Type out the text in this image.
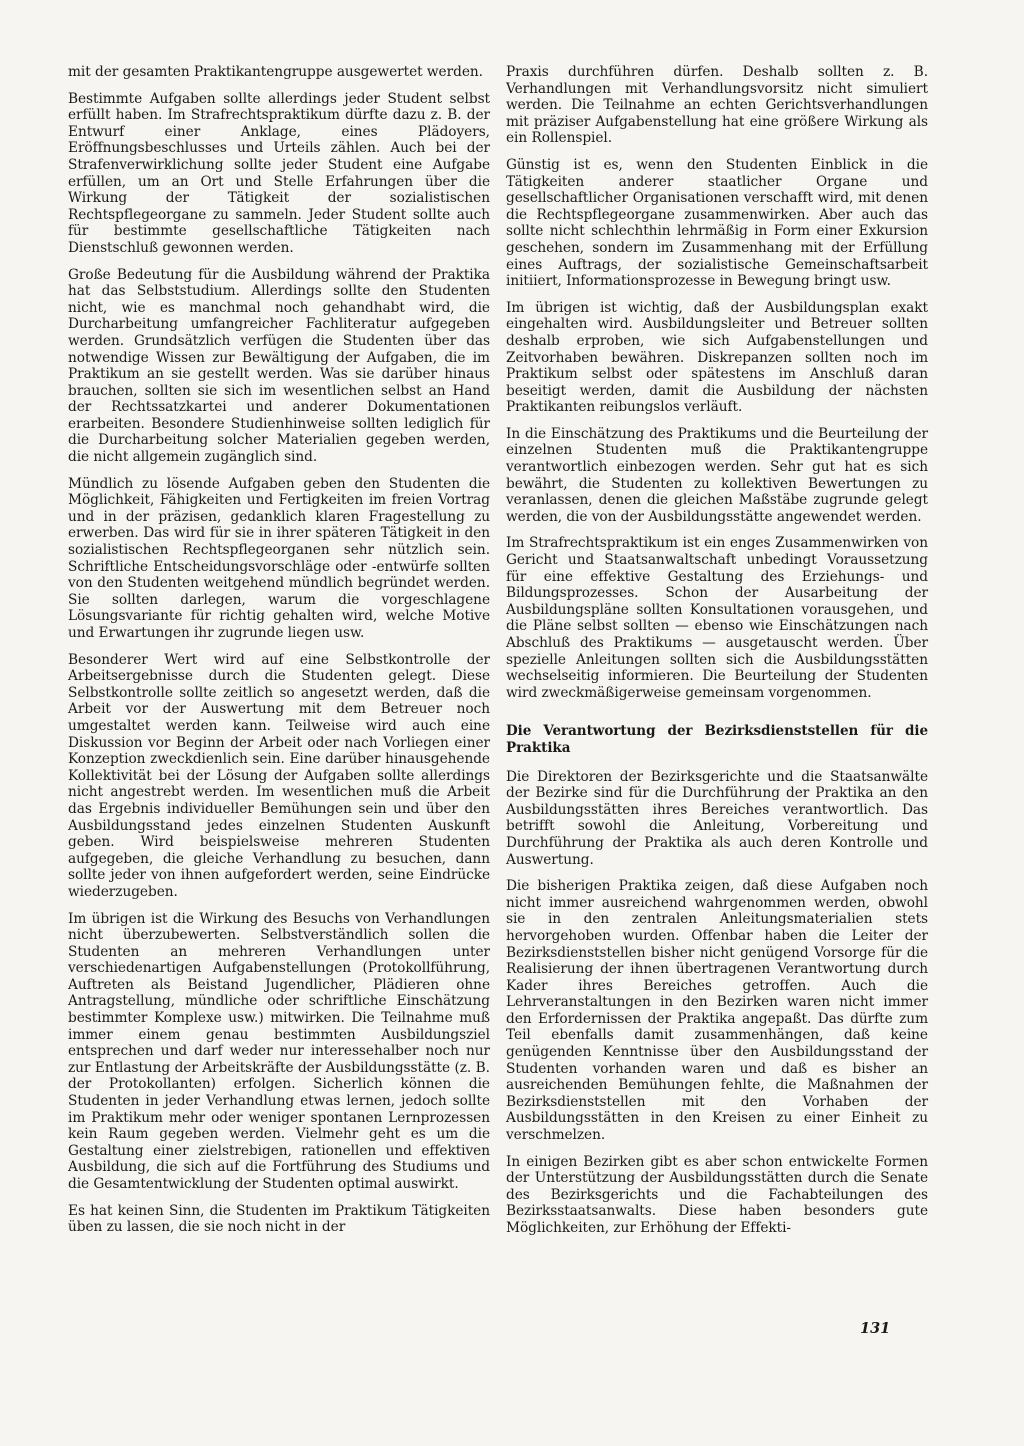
mit der gesamten Praktikantengruppe ausgewertet werden.

Bestimmte Aufgaben sollte allerdings jeder Student selbst erfüllt haben. Im Strafrechtspraktikum dürfte dazu z. B. der Entwurf einer Anklage, eines Plädoyers, Eröffnungsbeschlusses und Urteils zählen. Auch bei der Strafenverwirklichung sollte jeder Student eine Aufgabe erfüllen, um an Ort und Stelle Erfahrungen über die Wirkung der Tätigkeit der sozialistischen Rechtspflegeorgane zu sammeln. Jeder Student sollte auch für bestimmte gesellschaftliche Tätigkeiten nach Dienstschluß gewonnen werden.

Große Bedeutung für die Ausbildung während der Praktika hat das Selbststudium. Allerdings sollte den Studenten nicht, wie es manchmal noch gehandhabt wird, die Durcharbeitung umfangreicher Fachliteratur aufgegeben werden. Grundsätzlich verfügen die Studenten über das notwendige Wissen zur Bewältigung der Aufgaben, die im Praktikum an sie gestellt werden. Was sie darüber hinaus brauchen, sollten sie sich im wesentlichen selbst an Hand der Rechtssatzkartei und anderer Dokumentationen erarbeiten. Besondere Studienhinweise sollten lediglich für die Durcharbeitung solcher Materialien gegeben werden, die nicht allgemein zugänglich sind.

Mündlich zu lösende Aufgaben geben den Studenten die Möglichkeit, Fähigkeiten und Fertigkeiten im freien Vortrag und in der präzisen, gedanklich klaren Fragestellung zu erwerben. Das wird für sie in ihrer späteren Tätigkeit in den sozialistischen Rechtspflegeorganen sehr nützlich sein. Schriftliche Entscheidungsvorschläge oder -entwürfe sollten von den Studenten weitgehend mündlich begründet werden. Sie sollten darlegen, warum die vorgeschlagene Lösungsvariante für richtig gehalten wird, welche Motive und Erwartungen ihr zugrunde liegen usw.

Besonderer Wert wird auf eine Selbstkontrolle der Arbeitsergebnisse durch die Studenten gelegt. Diese Selbstkontrolle sollte zeitlich so angesetzt werden, daß die Arbeit vor der Auswertung mit dem Betreuer noch umgestaltet werden kann. Teilweise wird auch eine Diskussion vor Beginn der Arbeit oder nach Vorliegen einer Konzeption zweckdienlich sein. Eine darüber hinausgehende Kollektivität bei der Lösung der Aufgaben sollte allerdings nicht angestrebt werden. Im wesentlichen muß die Arbeit das Ergebnis individueller Bemühungen sein und über den Ausbildungsstand jedes einzelnen Studenten Auskunft geben. Wird beispielsweise mehreren Studenten aufgegeben, die gleiche Verhandlung zu besuchen, dann sollte jeder von ihnen aufgefordert werden, seine Eindrücke wiederzugeben.

Im übrigen ist die Wirkung des Besuchs von Verhandlungen nicht überzubewerten. Selbstverständlich sollen die Studenten an mehreren Verhandlungen unter verschiedenartigen Aufgabenstellungen (Protokollführung, Auftreten als Beistand Jugendlicher, Plädieren ohne Antragstellung, mündliche oder schriftliche Einschätzung bestimmter Komplexe usw.) mitwirken. Die Teilnahme muß immer einem genau bestimmten Ausbildungsziel entsprechen und darf weder nur interessehalber noch nur zur Entlastung der Arbeitskräfte der Ausbildungsstätte (z. B. der Protokollanten) erfolgen. Sicherlich können die Studenten in jeder Verhandlung etwas lernen, jedoch sollte im Praktikum mehr oder weniger spontanen Lernprozessen kein Raum gegeben werden. Vielmehr geht es um die Gestaltung einer zielstrebigen, rationellen und effektiven Ausbildung, die sich auf die Fortführung des Studiums und die Gesamtentwicklung der Studenten optimal auswirkt.

Es hat keinen Sinn, die Studenten im Praktikum Tätigkeiten üben zu lassen, die sie noch nicht in der

Praxis durchführen dürfen. Deshalb sollten z. B. Verhandlungen mit Verhandlungsvorsitz nicht simuliert werden. Die Teilnahme an echten Gerichtsverhandlungen mit präziser Aufgabenstellung hat eine größere Wirkung als ein Rollenspiel.

Günstig ist es, wenn den Studenten Einblick in die Tätigkeiten anderer staatlicher Organe und gesellschaftlicher Organisationen verschafft wird, mit denen die Rechtspflegeorgane zusammenwirken. Aber auch das sollte nicht schlechthin lehrmäßig in Form einer Exkursion geschehen, sondern im Zusammenhang mit der Erfüllung eines Auftrags, der sozialistische Gemeinschaftsarbeit initiiert, Informationsprozesse in Bewegung bringt usw.

Im übrigen ist wichtig, daß der Ausbildungsplan exakt eingehalten wird. Ausbildungsleiter und Betreuer sollten deshalb erproben, wie sich Aufgabenstellungen und Zeitvorhaben bewähren. Diskrepanzen sollten noch im Praktikum selbst oder spätestens im Anschluß daran beseitigt werden, damit die Ausbildung der nächsten Praktikanten reibungslos verläuft.

In die Einschätzung des Praktikums und die Beurteilung der einzelnen Studenten muß die Praktikantengruppe verantwortlich einbezogen werden. Sehr gut hat es sich bewährt, die Studenten zu kollektiven Bewertungen zu veranlassen, denen die gleichen Maßstäbe zugrunde gelegt werden, die von der Ausbildungsstätte angewendet werden.

Im Strafrechtspraktikum ist ein enges Zusammenwirken von Gericht und Staatsanwaltschaft unbedingt Voraussetzung für eine effektive Gestaltung des Erziehungs- und Bildungsprozesses. Schon der Ausarbeitung der Ausbildungspläne sollten Konsultationen vorausgehen, und die Pläne selbst sollten — ebenso wie Einschätzungen nach Abschluß des Praktikums — ausgetauscht werden. Über spezielle Anleitungen sollten sich die Ausbildungsstätten wechselseitig informieren. Die Beurteilung der Studenten wird zweckmäßigerweise gemeinsam vorgenommen.

Die Verantwortung der Bezirksdienststellen für die Praktika

Die Direktoren der Bezirksgerichte und die Staatsanwälte der Bezirke sind für die Durchführung der Praktika an den Ausbildungsstätten ihres Bereiches verantwortlich. Das betrifft sowohl die Anleitung, Vorbereitung und Durchführung der Praktika als auch deren Kontrolle und Auswertung.

Die bisherigen Praktika zeigen, daß diese Aufgaben noch nicht immer ausreichend wahrgenommen werden, obwohl sie in den zentralen Anleitungsmaterialien stets hervorgehoben wurden. Offenbar haben die Leiter der Bezirksdienststellen bisher nicht genügend Vorsorge für die Realisierung der ihnen übertragenen Verantwortung durch Kader ihres Bereiches getroffen. Auch die Lehrveranstaltungen in den Bezirken waren nicht immer den Erfordernissen der Praktika angepaßt. Das dürfte zum Teil ebenfalls damit zusammenhängen, daß keine genügenden Kenntnisse über den Ausbildungsstand der Studenten vorhanden waren und daß es bisher an ausreichenden Bemühungen fehlte, die Maßnahmen der Bezirksdienststellen mit den Vorhaben der Ausbildungsstätten in den Kreisen zu einer Einheit zu verschmelzen.

In einigen Bezirken gibt es aber schon entwickelte Formen der Unterstützung der Ausbildungsstätten durch die Senate des Bezirksgerichts und die Fachabteilungen des Bezirksstaatsanwalts. Diese haben besonders gute Möglichkeiten, zur Erhöhung der Effekti-

131
